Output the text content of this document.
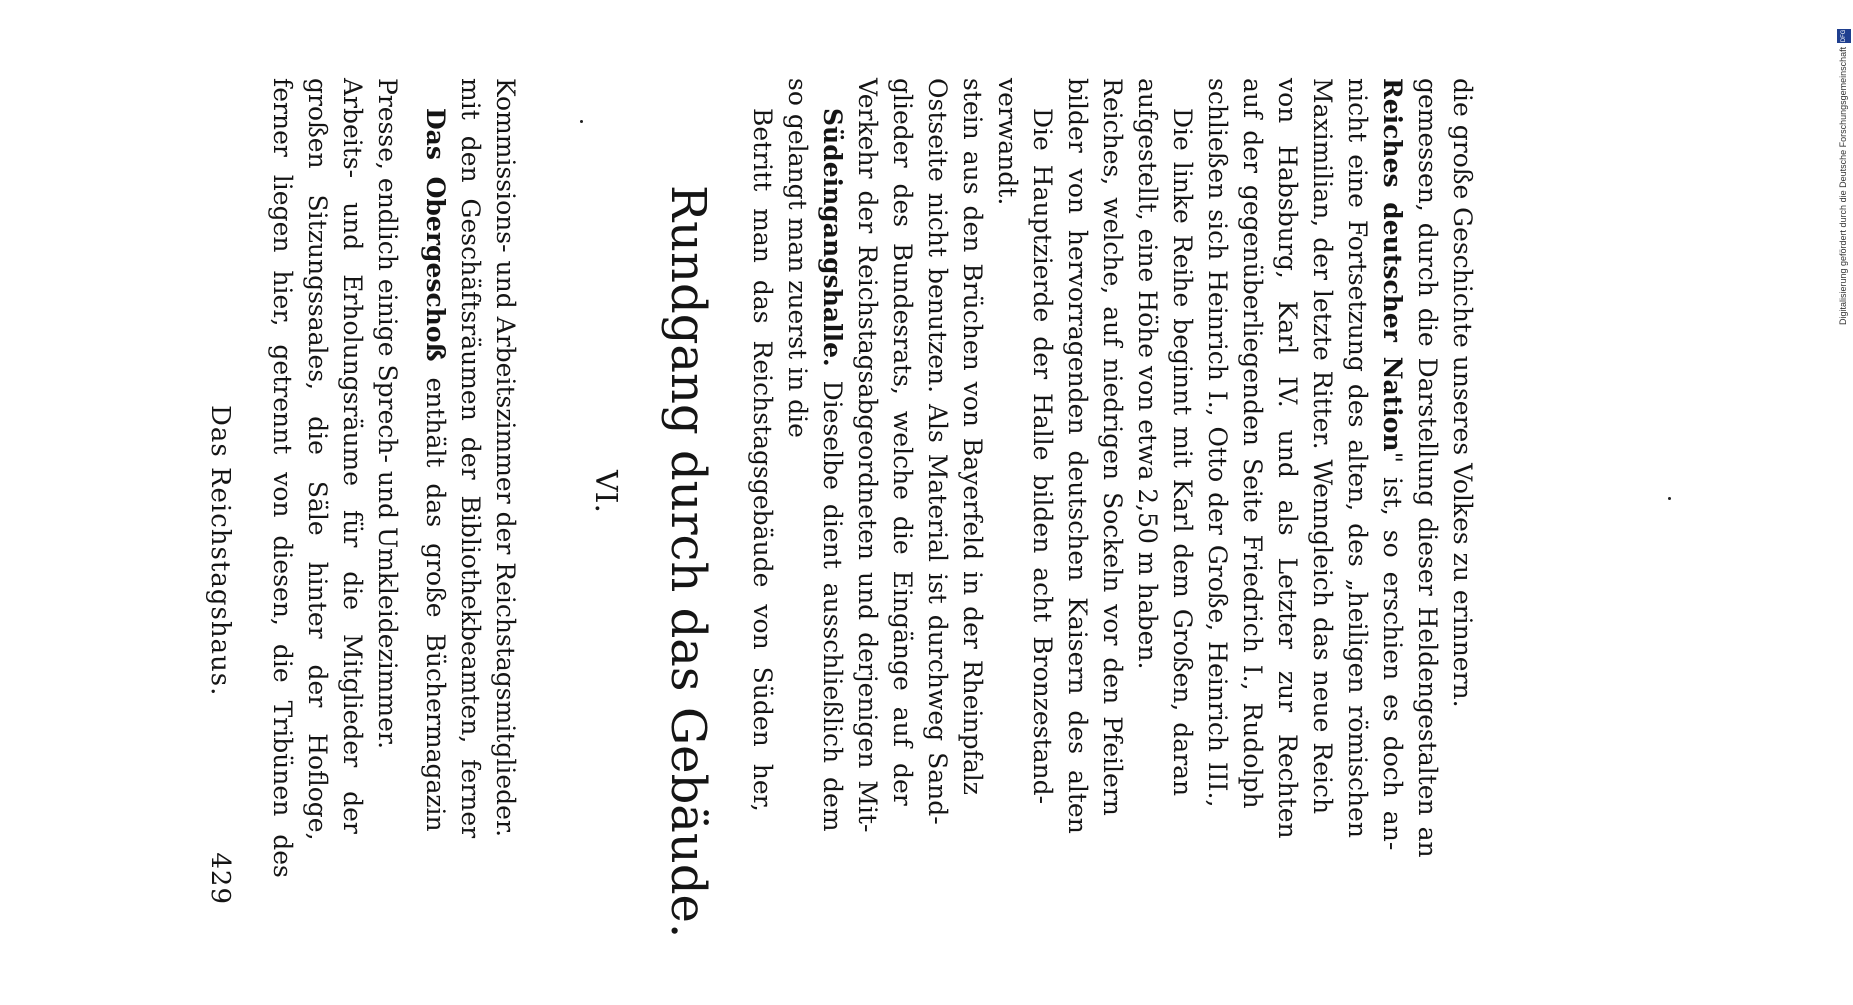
Das Reichstagshaus.
429
ferner liegen hier, getrennt von diesen, die Tribünen des großen Sitzungssaales, die Säle hinter der Hofloge, Arbeits- und Erholungsräume für die Mitglieder der Presse, endlich einige Sprech- und Umkleidezimmer. Das Obergeschoß enthält das große Büchermagazin mit den Geschäftsräumen der Bibliothekbeamten, ferner Kommissions- und Arbeitszimmer der Reichstagsmitglieder. VI. Rundgang durch das Gebäude. Betritt man das Reichstagsgebäude von Süden her, so gelangt man zuerst in die Südeingangshalle. Dieselbe dient ausschließlich dem Verkehr der Reichstagsabgeordneten und derjenigen Mit- glieder des Bundesrats, welche die Eingänge auf der Ostseite nicht benutzen. Als Material ist durchweg Sand- stein aus den Brüchen von Bayerfeld in der Rheinpfalz verwandt. Die Hauptzierde der Halle bilden acht Bronzestand- bilder von hervorragenden deutschen Kaisern des alten Reiches, welche, auf niedrigen Sockeln vor den Pfeilern aufgestellt, eine Höhe von etwa 2,50 m haben. Die linke Reihe beginnt mit Karl dem Großen, daran schließen sich Heinrich I., Otto der Große, Heinrich III., auf der gegenüberliegenden Seite Friedrich I., Rudolph von Habsburg, Karl IV. und als Letzter zur Rechten Maximilian, der letzte Ritter. Wenngleich das neue Reich nicht eine Fortsetzung des alten, des „heiligen römischen Reiches deutscher Nation" ist, so erschien es doch an- gemessen, durch die Darstellung dieser Heldengestalten an die große Geschichte unseres Volkes zu erinnern.	Digitalisierung gefördert durch die Deutsche ForschungsgemeinschaftDFG
